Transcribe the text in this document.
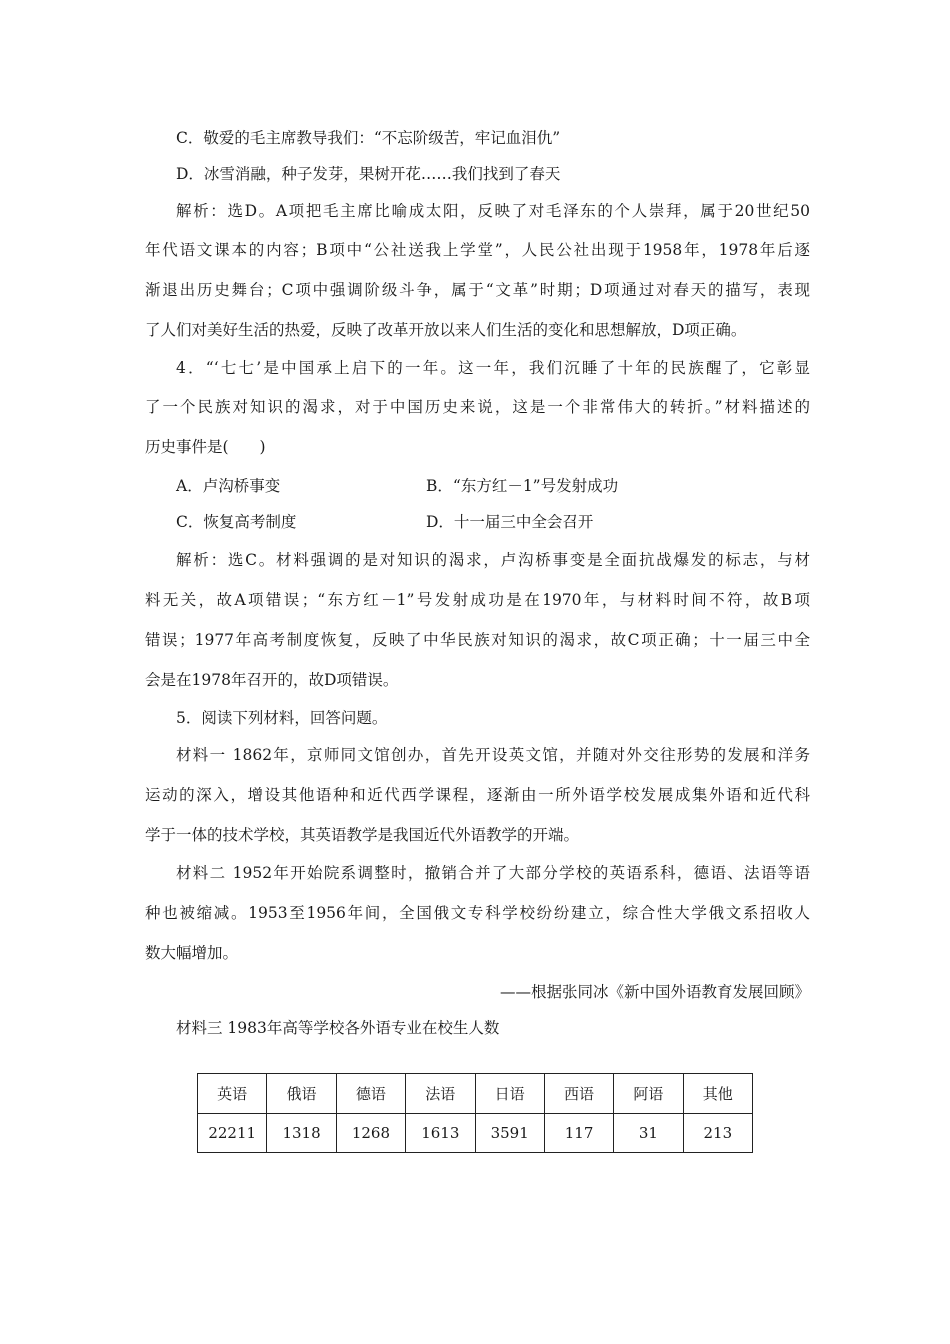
C．敬爱的毛主席教导我们：“不忘阶级苦，牢记血泪仇”
D．冰雪消融，种子发芽，果树开花……我们找到了春天
解析：选D。A项把毛主席比喻成太阳，反映了对毛泽东的个人崇拜，属于20世纪50
年代语文课本的内容；B项中“公社送我上学堂”，人民公社出现于1958年，1978年后逐
渐退出历史舞台；C项中强调阶级斗争，属于“文革”时期；D项通过对春天的描写，表现
了人们对美好生活的热爱，反映了改革开放以来人们生活的变化和思想解放，D项正确。
4．“‘七七’是中国承上启下的一年。这一年，我们沉睡了十年的民族醒了，它彰显
了一个民族对知识的渴求，对于中国历史来说，这是一个非常伟大的转折。”材料描述的
历史事件是(　　)
A．卢沟桥事变	B．“东方红－1”号发射成功
C．恢复高考制度	D．十一届三中全会召开
解析：选C。材料强调的是对知识的渴求，卢沟桥事变是全面抗战爆发的标志，与材
料无关，故A项错误；“东方红－1”号发射成功是在1970年，与材料时间不符，故B项
错误；1977年高考制度恢复，反映了中华民族对知识的渴求，故C项正确；十一届三中全
会是在1978年召开的，故D项错误。
5．阅读下列材料，回答问题。
材料一 1862年，京师同文馆创办，首先开设英文馆，并随对外交往形势的发展和洋务
运动的深入，增设其他语种和近代西学课程，逐渐由一所外语学校发展成集外语和近代科
学于一体的技术学校，其英语教学是我国近代外语教学的开端。
材料二 1952年开始院系调整时，撤销合并了大部分学校的英语系科，德语、法语等语
种也被缩减。1953至1956年间，全国俄文专科学校纷纷建立，综合性大学俄文系招收人
数大幅增加。
——根据张同冰《新中国外语教育发展回顾》
材料三 1983年高等学校各外语专业在校生人数
英语	俄语	德语	法语	日语	西语	阿语	其他
22211	1318	1268	1613	3591	117	31	213
